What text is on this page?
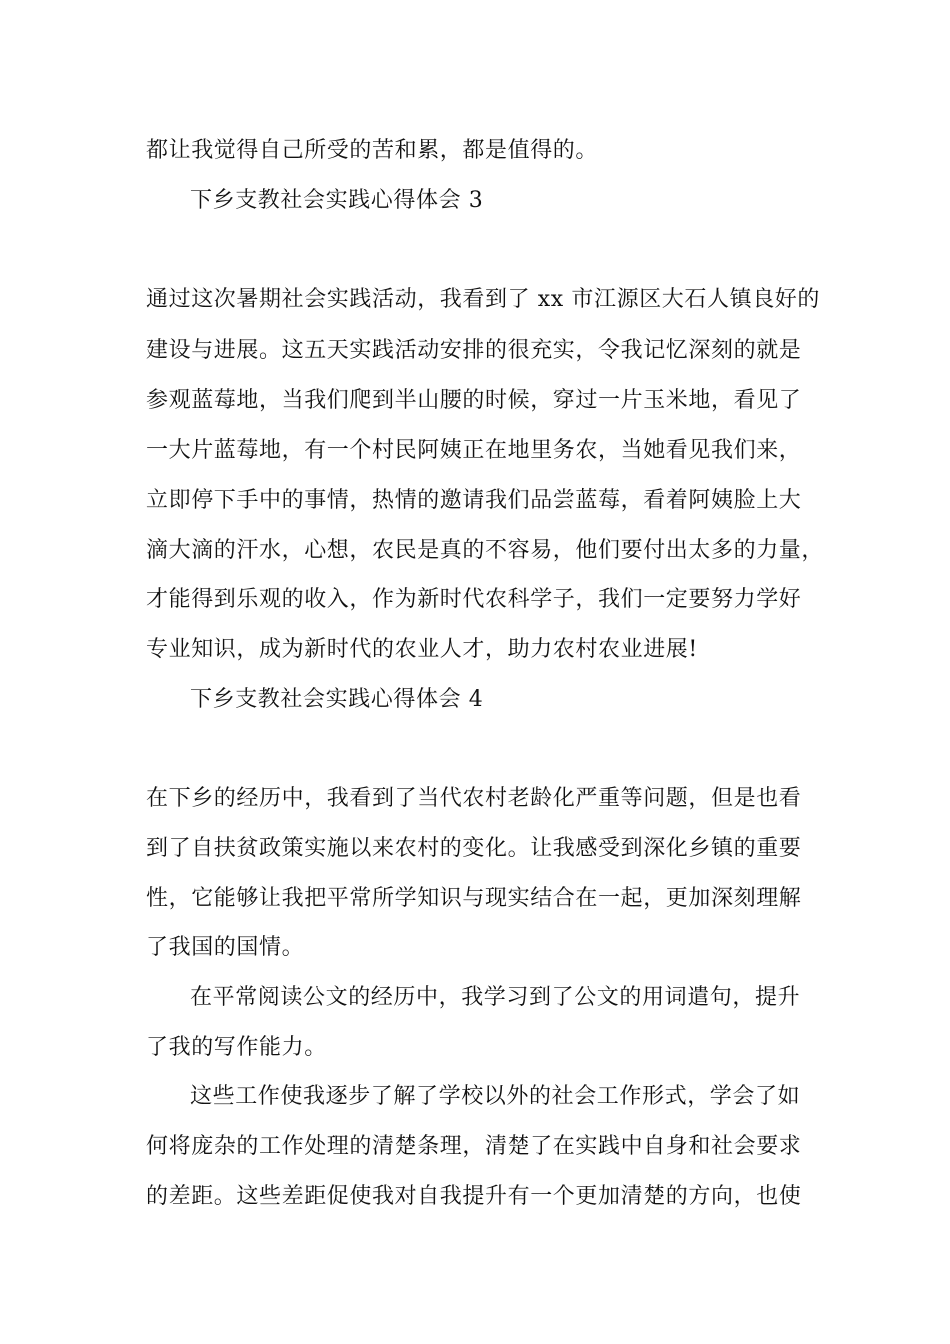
都让我觉得自己所受的苦和累，都是值得的。
下乡支教社会实践心得体会 3
通过这次暑期社会实践活动，我看到了 xx 市江源区大石人镇良好的
建设与进展。这五天实践活动安排的很充实，令我记忆深刻的就是
参观蓝莓地，当我们爬到半山腰的时候，穿过一片玉米地，看见了
一大片蓝莓地，有一个村民阿姨正在地里务农，当她看见我们来，
立即停下手中的事情，热情的邀请我们品尝蓝莓，看着阿姨脸上大
滴大滴的汗水，心想，农民是真的不容易，他们要付出太多的力量，
才能得到乐观的收入，作为新时代农科学子，我们一定要努力学好
专业知识，成为新时代的农业人才，助力农村农业进展!
下乡支教社会实践心得体会 4
在下乡的经历中，我看到了当代农村老龄化严重等问题，但是也看
到了自扶贫政策实施以来农村的变化。让我感受到深化乡镇的重要
性，它能够让我把平常所学知识与现实结合在一起，更加深刻理解
了我国的国情。
在平常阅读公文的经历中，我学习到了公文的用词遣句，提升
了我的写作能力。
这些工作使我逐步了解了学校以外的社会工作形式，学会了如
何将庞杂的工作处理的清楚条理，清楚了在实践中自身和社会要求
的差距。这些差距促使我对自我提升有一个更加清楚的方向，也使
